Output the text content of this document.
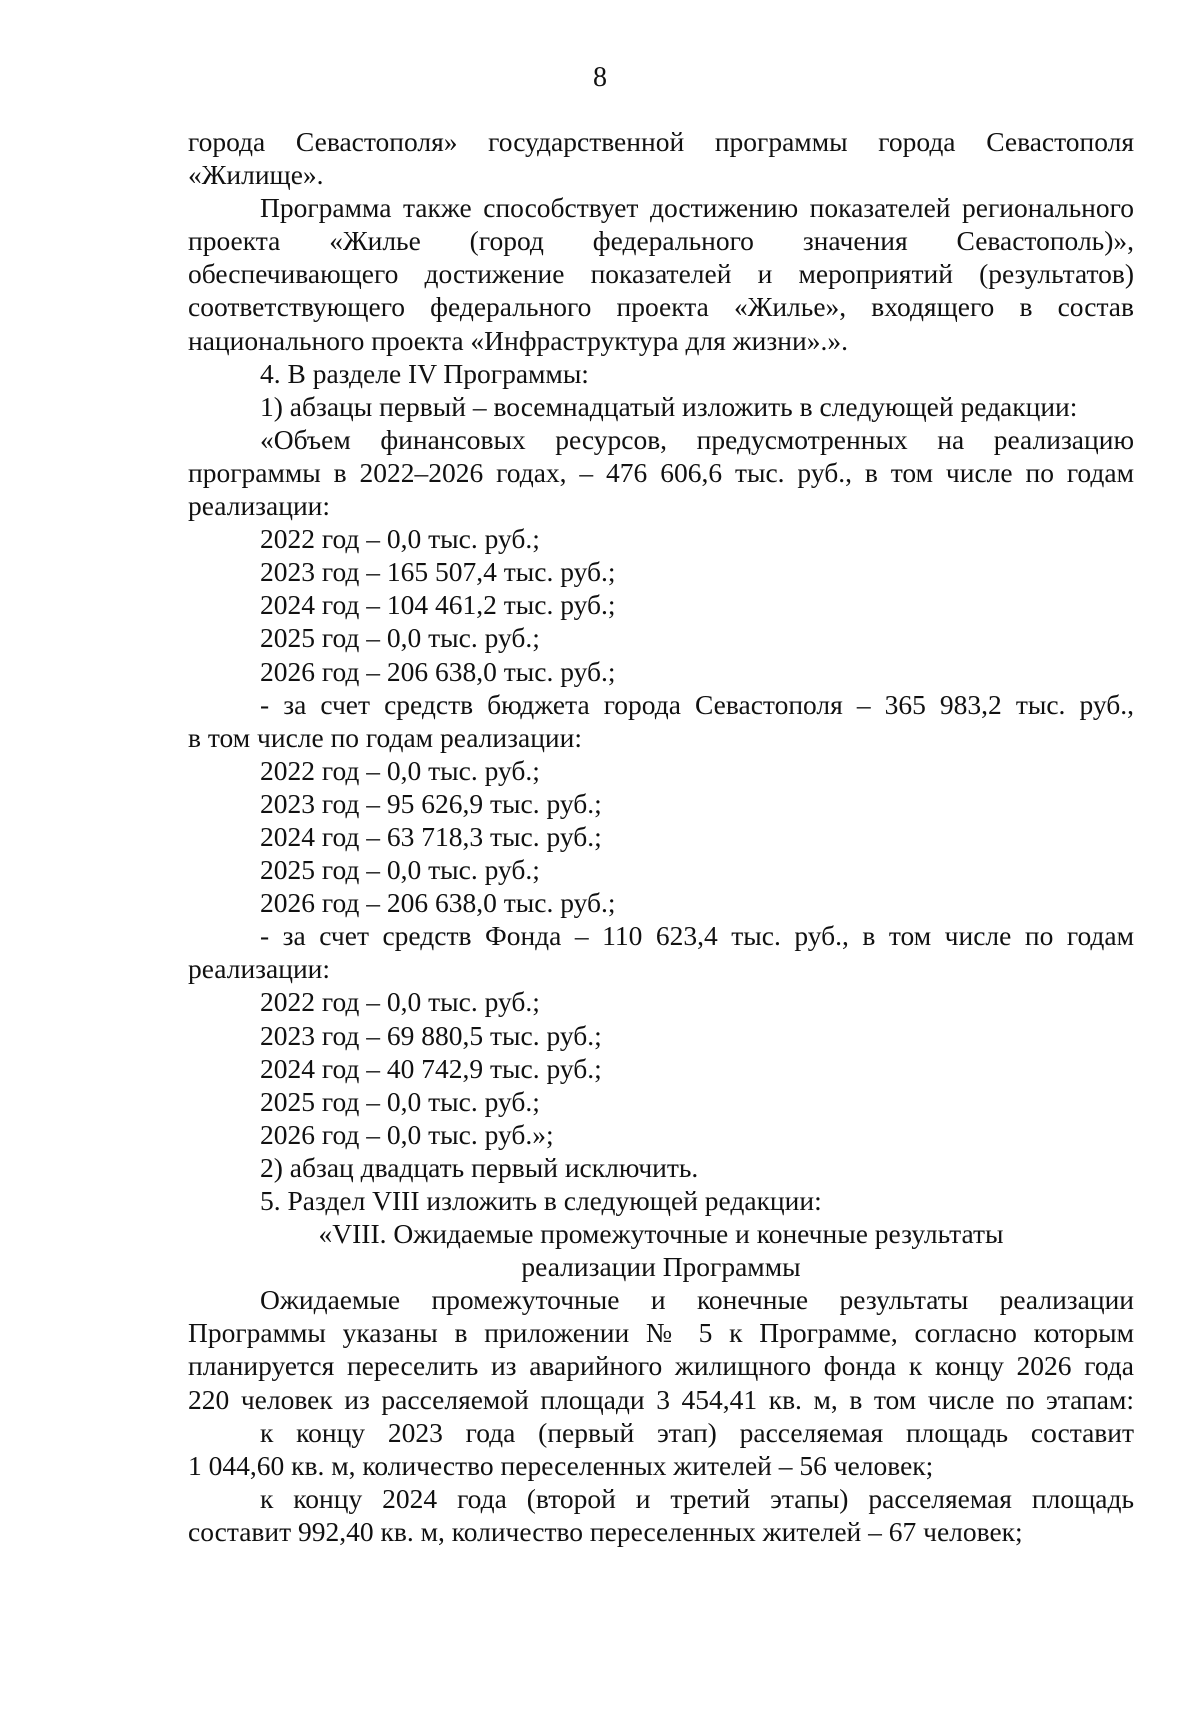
8
города Севастополя» государственной программы города Севастополя
«Жилище».
Программа также способствует достижению показателей регионального
проекта «Жилье (город федерального значения Севастополь)»,
обеспечивающего достижение показателей и мероприятий (результатов)
соответствующего федерального проекта «Жилье», входящего в состав
национального проекта «Инфраструктура для жизни».».
4. В разделе IV Программы:
1) абзацы первый – восемнадцатый изложить в следующей редакции:
«Объем финансовых ресурсов, предусмотренных на реализацию
программы в 2022–2026 годах, – 476 606,6 тыс. руб., в том числе по годам
реализации:
2022 год – 0,0 тыс. руб.;
2023 год – 165 507,4 тыс. руб.;
2024 год – 104 461,2 тыс. руб.;
2025 год – 0,0 тыс. руб.;
2026 год – 206 638,0 тыс. руб.;
- за счет средств бюджета города Севастополя – 365 983,2 тыс. руб.,
в том числе по годам реализации:
2022 год – 0,0 тыс. руб.;
2023 год – 95 626,9 тыс. руб.;
2024 год – 63 718,3 тыс. руб.;
2025 год – 0,0 тыс. руб.;
2026 год – 206 638,0 тыс. руб.;
- за счет средств Фонда – 110 623,4 тыс. руб., в том числе по годам
реализации:
2022 год – 0,0 тыс. руб.;
2023 год – 69 880,5 тыс. руб.;
2024 год – 40 742,9 тыс. руб.;
2025 год – 0,0 тыс. руб.;
2026 год – 0,0 тыс. руб.»;
2) абзац двадцать первый исключить.
5. Раздел VIII изложить в следующей редакции:
«VIII. Ожидаемые промежуточные и конечные результаты
реализации Программы
Ожидаемые промежуточные и конечные результаты реализации
Программы указаны в приложении № 5 к Программе, согласно которым
планируется переселить из аварийного жилищного фонда к концу 2026 года
220 человек из расселяемой площади 3 454,41 кв. м, в том числе по этапам:
к концу 2023 года (первый этап) расселяемая площадь составит
1 044,60 кв. м, количество переселенных жителей – 56 человек;
к концу 2024 года (второй и третий этапы) расселяемая площадь
составит 992,40 кв. м, количество переселенных жителей – 67 человек;
